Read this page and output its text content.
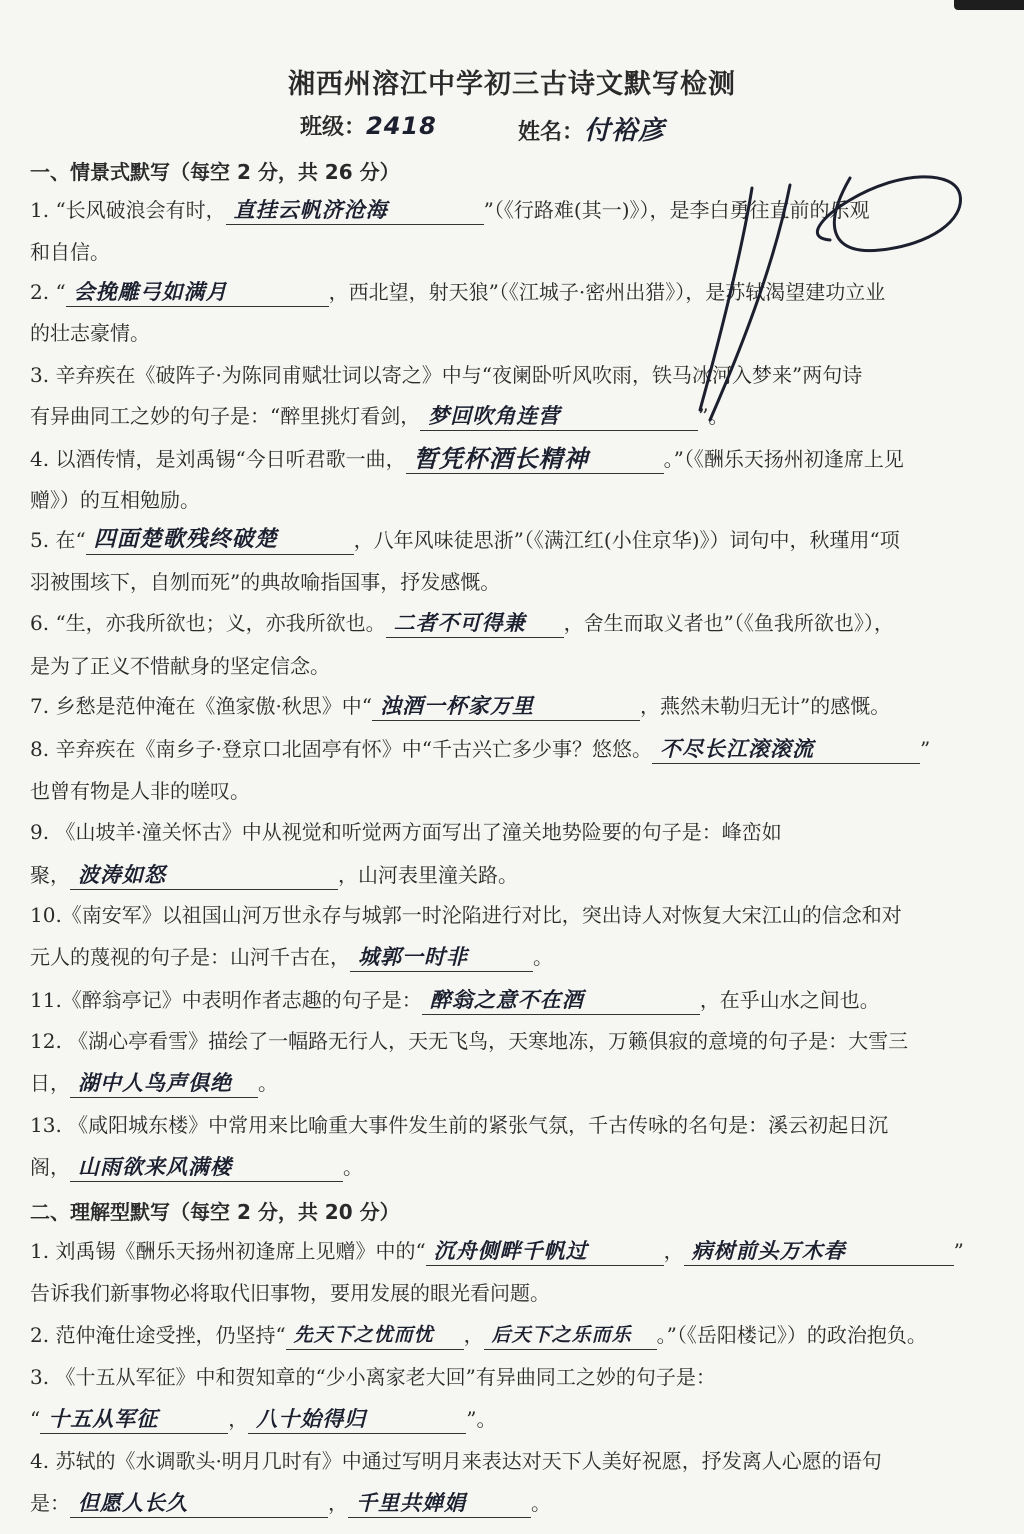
湘西州溶江中学初三古诗文默写检测
班级：2418	姓名：付裕彦
一、情景式默写（每空 2 分，共 26 分）
1. “长风破浪会有时， 直挂云帆济沧海	”（《行路难(其一)》），是李白勇往直前的乐观
和自信。
2. “ 会挽雕弓如满月	，西北望，射天狼”（《江城子·密州出猎》），是苏轼渴望建功立业
的壮志豪情。
3. 辛弃疾在《破阵子·为陈同甫赋壮词以寄之》中与“夜阑卧听风吹雨，铁马冰河入梦来”两句诗
有异曲同工之妙的句子是：“醉里挑灯看剑， 梦回吹角连营	”。
4. 以酒传情，是刘禹锡“今日听君歌一曲， 暂凭杯酒长精神	。”（《酬乐天扬州初逢席上见
赠》）的互相勉励。
5. 在“ 四面楚歌残终破楚	，八年风味徒思浙”（《满江红(小住京华)》）词句中，秋瑾用“项
羽被围垓下，自刎而死”的典故喻指国事，抒发感慨。
6. “生，亦我所欲也；义，亦我所欲也。 二者不可得兼 ，舍生而取义者也”（《鱼我所欲也》），
是为了正义不惜献身的坚定信念。
7. 乡愁是范仲淹在《渔家傲·秋思》中“ 浊酒一杯家万里	，燕然未勒归无计”的感慨。
8. 辛弃疾在《南乡子·登京口北固亭有怀》中“千古兴亡多少事？悠悠。 不尽长江滚滚流	”
也曾有物是人非的嗟叹。
9. 《山坡羊·潼关怀古》中从视觉和听觉两方面写出了潼关地势险要的句子是：峰峦如
聚， 波涛如怒	，山河表里潼关路。
10.《南安军》以祖国山河万世永存与城郭一时沦陷进行对比，突出诗人对恢复大宋江山的信念和对
元人的蔑视的句子是：山河千古在， 城郭一时非	。
11.《醉翁亭记》中表明作者志趣的句子是： 醉翁之意不在酒	，在乎山水之间也。
12. 《湖心亭看雪》描绘了一幅路无行人，天无飞鸟，天寒地冻，万籁俱寂的意境的句子是：大雪三
日， 湖中人鸟声俱绝 。
13. 《咸阳城东楼》中常用来比喻重大事件发生前的紧张气氛，千古传咏的名句是：溪云初起日沉
阁， 山雨欲来风满楼	。
二、理解型默写（每空 2 分，共 20 分）
1. 刘禹锡《酬乐天扬州初逢席上见赠》中的“ 沉舟侧畔千帆过	， 病树前头万木春	”
告诉我们新事物必将取代旧事物，要用发展的眼光看问题。
2. 范仲淹仕途受挫，仍坚持“ 先天下之忧而忧 ， 后天下之乐而乐 。”（《岳阳楼记》）的政治抱负。
3. 《十五从军征》中和贺知章的“少小离家老大回”有异曲同工之妙的句子是：
“ 十五从军征	， 八十始得归	”。
4. 苏轼的《水调歌头·明月几时有》中通过写明月来表达对天下人美好祝愿，抒发离人心愿的语句
是： 但愿人长久	， 千里共婵娟	。
